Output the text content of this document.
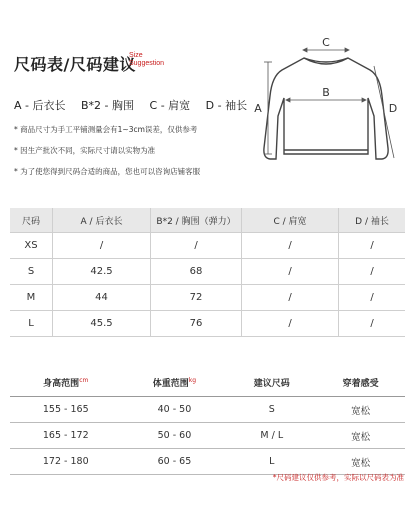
尺码表/尺码建议
Size
Suggestion
A - 后衣长 B*2 - 胸围 C - 肩宽 D - 袖长
* 商品尺寸为手工平铺测量会有1~3cm误差，仅供参考
* 因生产批次不同，实际尺寸请以实物为准
* 为了使您得到尺码合适的商品，您也可以咨询店铺客服
C
B
A	D
尺码	A / 后衣长	B*2 / 胸围（弹力）	C / 肩宽	D / 袖长
XS	/	/	/	/
S	42.5	68	/	/
M	44	72	/	/
L	45.5	76	/	/
身高范围$^{cm}$	体重范围$^{kg}$	建议尺码	穿着感受
155 - 165	40 - 50	S	宽松
165 - 172	50 - 60	M / L	宽松
172 - 180	60 - 65	L	宽松
*尺码建议仅供参考，实际以尺码表为准
